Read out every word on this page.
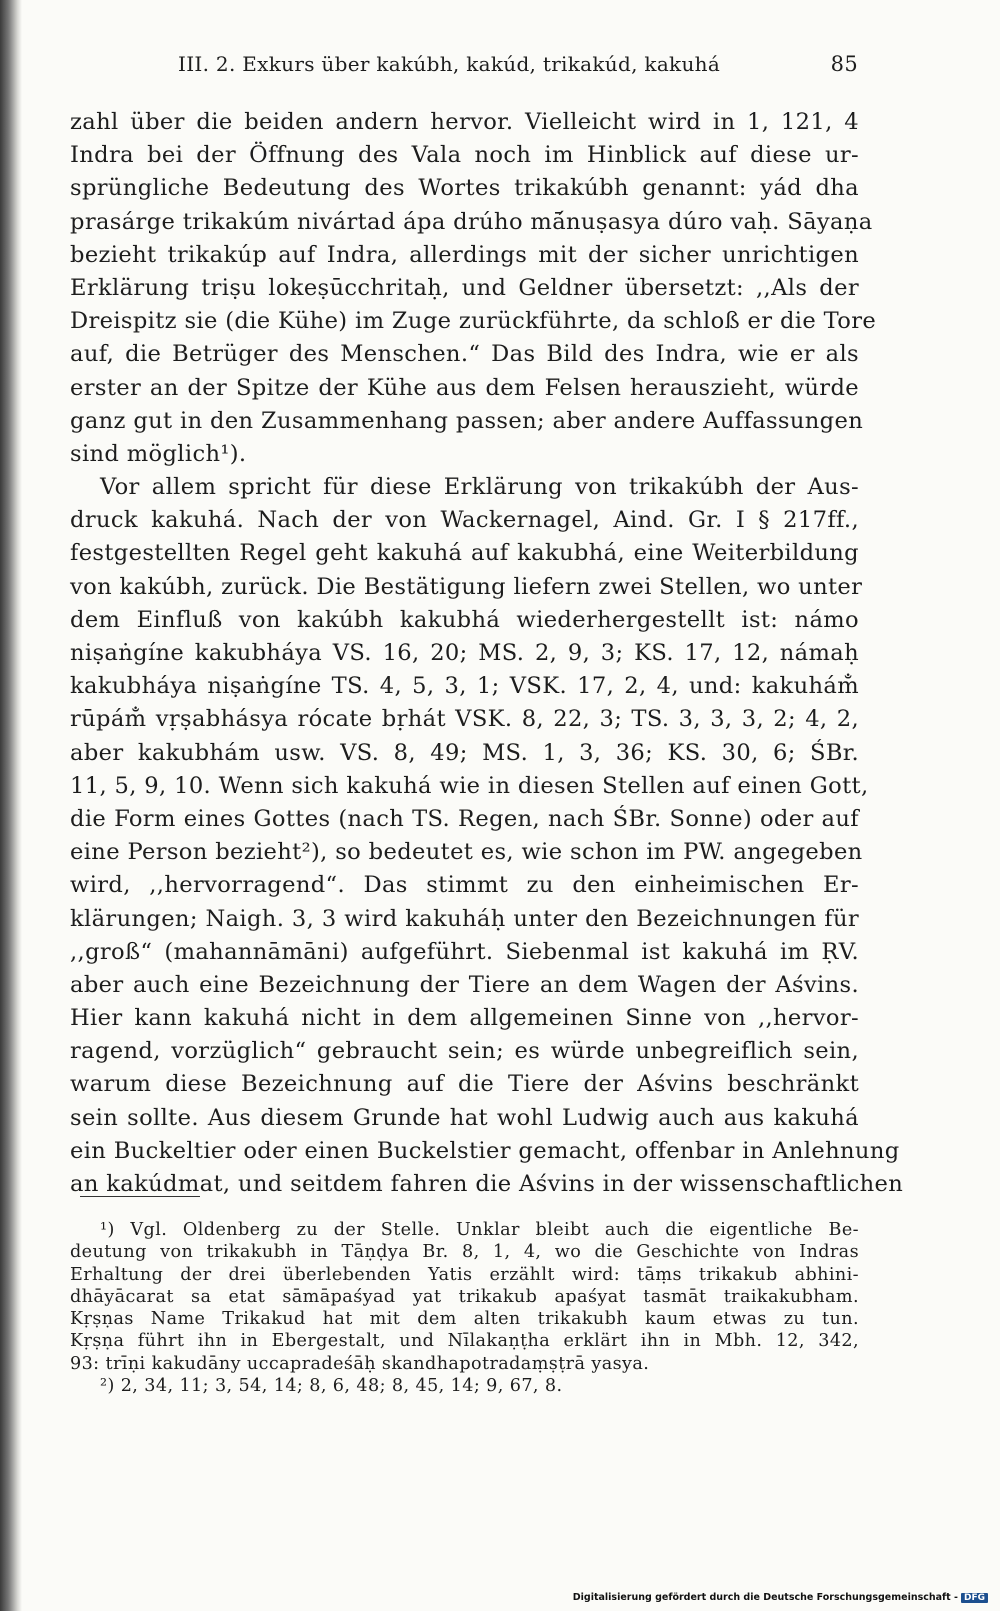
III. 2. Exkurs über kakúbh, kakúd, trikakúd, kakuhá	85
zahl über die beiden andern hervor. Vielleicht wird in 1, 121, 4
Indra bei der Öffnung des Vala noch im Hinblick auf diese ur-
sprüngliche Bedeutung des Wortes trikakúbh genannt: yád dha
prasárge trikakúm nivártad ápa drúho mā́nuṣasya dúro vaḥ. Sāyaṇa
bezieht trikakúp auf Indra, allerdings mit der sicher unrichtigen
Erklärung triṣu lokeṣūcchritaḥ, und Geldner übersetzt: ,,Als der
Dreispitz sie (die Kühe) im Zuge zurückführte, da schloß er die Tore
auf, die Betrüger des Menschen.“ Das Bild des Indra, wie er als
erster an der Spitze der Kühe aus dem Felsen herauszieht, würde
ganz gut in den Zusammenhang passen; aber andere Auffassungen
sind möglich¹).
Vor allem spricht für diese Erklärung von trikakúbh der Aus-
druck kakuhá. Nach der von Wackernagel, Aind. Gr. I § 217ff.,
festgestellten Regel geht kakuhá auf kakubhá, eine Weiterbildung
von kakúbh, zurück. Die Bestätigung liefern zwei Stellen, wo unter
dem Einfluß von kakúbh kakubhá wiederhergestellt ist: námo
niṣaṅgíne kakubháya VS. 16, 20; MS. 2, 9, 3; KS. 17, 12, námaḥ
kakubháya niṣaṅgíne TS. 4, 5, 3, 1; VSK. 17, 2, 4, und: kakuhám̐
rūpám̐ vṛṣabhásya rócate bṛhát VSK. 8, 22, 3; TS. 3, 3, 3, 2; 4, 2,
aber kakubhám usw. VS. 8, 49; MS. 1, 3, 36; KS. 30, 6; ŚBr.
11, 5, 9, 10. Wenn sich kakuhá wie in diesen Stellen auf einen Gott,
die Form eines Gottes (nach TS. Regen, nach ŚBr. Sonne) oder auf
eine Person bezieht²), so bedeutet es, wie schon im PW. angegeben
wird, ,,hervorragend“. Das stimmt zu den einheimischen Er-
klärungen; Naigh. 3, 3 wird kakuháḥ unter den Bezeichnungen für
,,groß“ (mahannāmāni) aufgeführt. Siebenmal ist kakuhá im ṚV.
aber auch eine Bezeichnung der Tiere an dem Wagen der Aśvins.
Hier kann kakuhá nicht in dem allgemeinen Sinne von ,,hervor-
ragend, vorzüglich“ gebraucht sein; es würde unbegreiflich sein,
warum diese Bezeichnung auf die Tiere der Aśvins beschränkt
sein sollte. Aus diesem Grunde hat wohl Ludwig auch aus kakuhá
ein Buckeltier oder einen Buckelstier gemacht, offenbar in Anlehnung
an kakúdmat, und seitdem fahren die Aśvins in der wissenschaftlichen
¹) Vgl. Oldenberg zu der Stelle. Unklar bleibt auch die eigentliche Be-
deutung von trikakubh in Tāṇḍya Br. 8, 1, 4, wo die Geschichte von Indras
Erhaltung der drei überlebenden Yatis erzählt wird: tāṃs trikakub abhini-
dhāyācarat sa etat sāmāpaśyad yat trikakub apaśyat tasmāt traikakubham.
Kṛṣṇas Name Trikakud hat mit dem alten trikakubh kaum etwas zu tun.
Kṛṣṇa führt ihn in Ebergestalt, und Nīlakaṇṭha erklärt ihn in Mbh. 12, 342,
93: trīṇi kakudāny uccapradeśāḥ skandhapotradaṃṣṭrā yasya.
²) 2, 34, 11; 3, 54, 14; 8, 6, 48; 8, 45, 14; 9, 67, 8.
Digitalisierung gefördert durch die Deutsche Forschungsgemeinschaft - DFG
